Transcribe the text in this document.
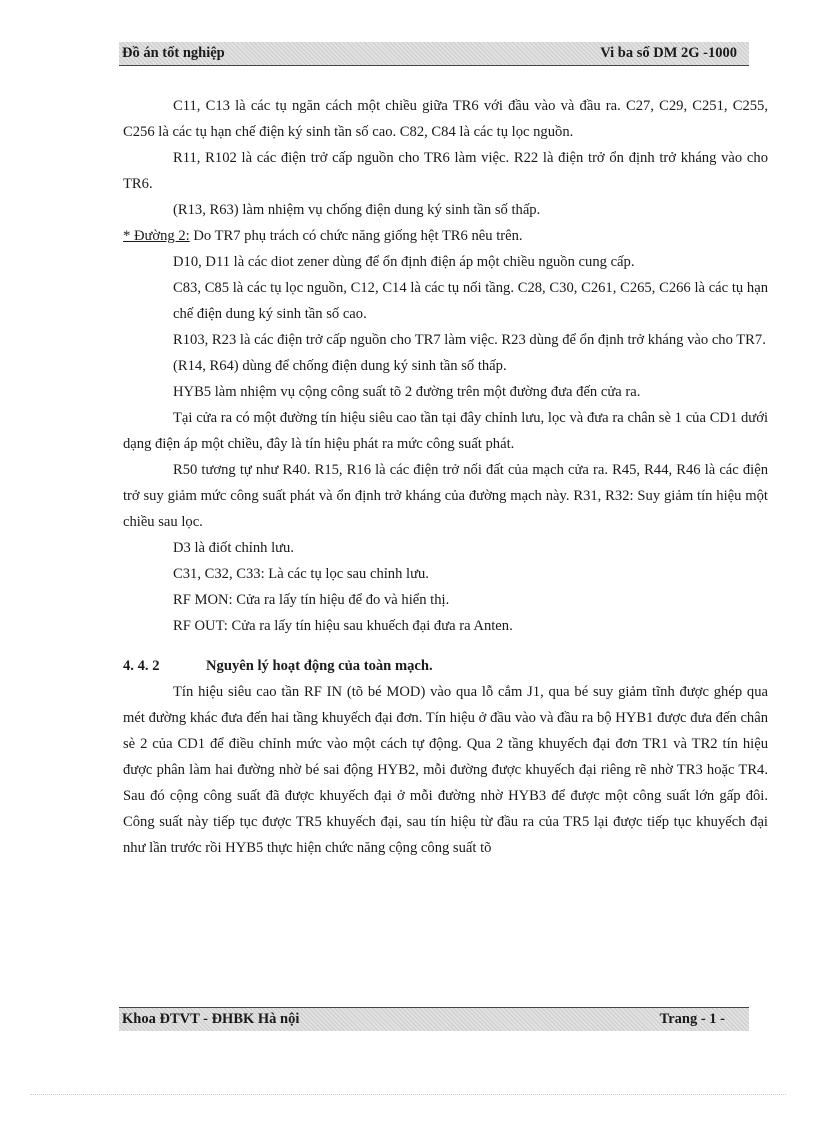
Đồ án tốt nghiệp	Vi ba số DM 2G -1000

C11, C13 là các tụ ngăn cách một chiều giữa TR6 với đầu vào và đầu ra. C27, C29, C251, C255, C256 là các tụ hạn chế điện ký sinh tần số cao. C82, C84 là các tụ lọc nguồn.

R11, R102 là các điện trở cấp nguồn cho TR6 làm việc. R22 là điện trở ổn định trở kháng vào cho TR6.

(R13, R63) làm nhiệm vụ chống điện dung ký sinh tần số thấp.

* Đường 2: Do TR7 phụ trách có chức năng giống hệt TR6 nêu trên.

D10, D11 là các diot zener dùng để ổn định điện áp một chiều nguồn cung cấp.

C83, C85 là các tụ lọc nguồn, C12, C14 là các tụ nối tầng. C28, C30, C261, C265, C266 là các tụ hạn chế điện dung ký sinh tần số cao.

R103, R23 là các điện trở cấp nguồn cho TR7 làm việc. R23 dùng để ổn định trở kháng vào cho TR7.

(R14, R64) dùng để chống điện dung ký sinh tần số thấp.

HYB5 làm nhiệm vụ cộng công suất tõ 2 đường trên một đường đưa đến cửa ra.

Tại cửa ra có một đường tín hiệu siêu cao tần tại đây chỉnh lưu, lọc và đưa ra chân sè 1 của CD1 dưới dạng điện áp một chiều, đây là tín hiệu phát ra mức công suất phát.

R50 tương tự như R40. R15, R16 là các điện trở nối đất của mạch cửa ra. R45, R44, R46 là các điện trở suy giảm mức công suất phát và ổn định trở kháng của đường mạch này. R31, R32: Suy giảm tín hiệu một chiều sau lọc.

D3 là điốt chỉnh lưu.

C31, C32, C33: Là các tụ lọc sau chỉnh lưu.

RF MON: Cửa ra lấy tín hiệu để đo và hiển thị.

RF OUT: Cửa ra lấy tín hiệu sau khuếch đại đưa ra Anten.

4. 4. 2	Nguyên lý hoạt động của toàn mạch.

Tín hiệu siêu cao tần RF IN (tõ bé MOD) vào qua lỗ cắm J1, qua bé suy giảm tĩnh được ghép qua mét đường khác đưa đến hai tầng khuyếch đại đơn. Tín hiệu ở đầu vào và đầu ra bộ HYB1 được đưa đến chân sè 2 của CD1 để điều chỉnh mức vào một cách tự động. Qua 2 tầng khuyếch đại đơn TR1 và TR2 tín hiệu được phân làm hai đường nhờ bé sai động HYB2, mỗi đường được khuyếch đại riêng rẽ nhờ TR3 hoặc TR4. Sau đó cộng công suất đã được khuyếch đại ở mỗi đường nhờ HYB3 để được một công suất lớn gấp đôi. Công suất này tiếp tục được TR5 khuyếch đại, sau tín hiệu từ đầu ra của TR5 lại được tiếp tục khuyếch đại như lần trước rồi HYB5 thực hiện chức năng cộng công suất tõ

Khoa ĐTVT - ĐHBK Hà nội	Trang - 1 -
